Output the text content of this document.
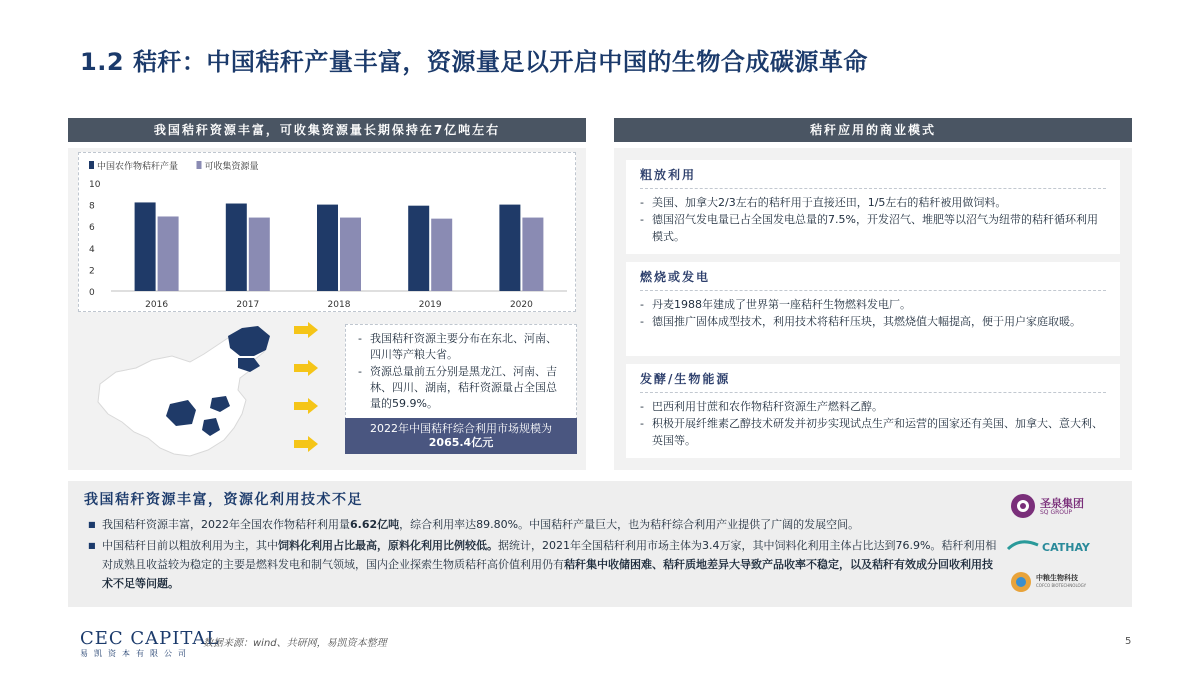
1.2 秸秆：中国秸秆产量丰富，资源量足以开启中国的生物合成碳源革命
我国秸秆资源丰富，可收集资源量长期保持在7亿吨左右
中国农作物秸秆产量	可收集资源量
10
8
6
4
2
0
2016	2017	2018	2019	2020
- 我国秸秆资源主要分布在东北、河南、四川等产粮大省。
- 资源总量前五分别是黑龙江、河南、吉林、四川、湖南，秸秆资源量占全国总量的59.9%。
2022年中国秸秆综合利用市场规模为
2065.4亿元
秸秆应用的商业模式
粗放利用
- 美国、加拿大2/3左右的秸秆用于直接还田，1/5左右的秸秆被用做饲料。
- 德国沼气发电量已占全国发电总量的7.5%，开发沼气、堆肥等以沼气为纽带的秸秆循环利用模式。
燃烧或发电
- 丹麦1988年建成了世界第一座秸秆生物燃料发电厂。
- 德国推广固体成型技术，利用技术将秸秆压块，其燃烧值大幅提高，便于用户家庭取暖。
发酵/生物能源
- 巴西利用甘蔗和农作物秸秆资源生产燃料乙醇。
- 积极开展纤维素乙醇技术研发并初步实现试点生产和运营的国家还有美国、加拿大、意大利、英国等。
我国秸秆资源丰富，资源化利用技术不足
■ 我国秸秆资源丰富，2022年全国农作物秸秆利用量6.62亿吨，综合利用率达89.80%。中国秸秆产量巨大，也为秸秆综合利用产业提供了广阔的发展空间。
■ 中国秸秆目前以粗放利用为主，其中饲料化利用占比最高，原料化利用比例较低。据统计，2021年全国秸秆利用市场主体为3.4万家，其中饲料化利用主体占比达到76.9%。秸秆利用相对成熟且收益较为稳定的主要是燃料发电和制气领域，国内企业探索生物质秸秆高价值利用仍有秸秆集中收储困难、秸秆质地差异大导致产品收率不稳定，以及秸秆有效成分回收利用技术不足等问题。
圣泉集团
SQ GROUP
CATHAY
中粮生物科技
COFCO BIOTECHNOLOGY
CEC CAPITAL
易凯资本有限公司
数据来源：wind、共研网，易凯资本整理	5
